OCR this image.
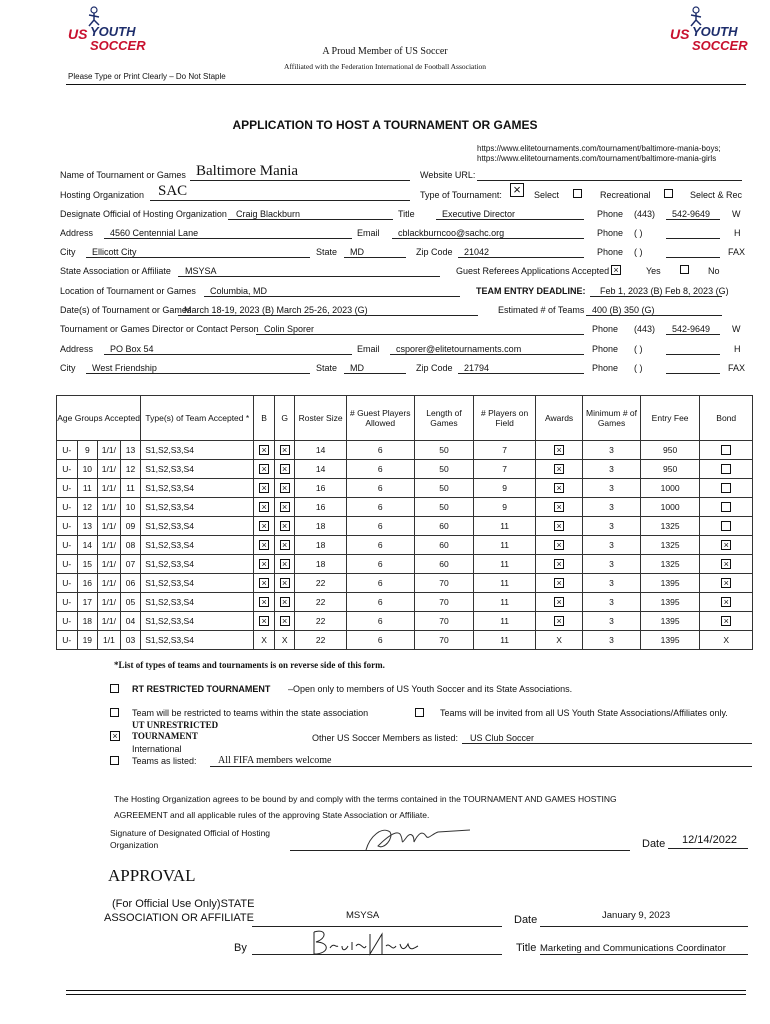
US YOUTH
SOCCER
US YOUTH
SOCCER
A Proud Member of US Soccer
Affiliated with the Federation International de Football Association
Please Type or Print Clearly – Do Not Staple
APPLICATION TO HOST A TOURNAMENT OR GAMES
Name of Tournament or Games Baltimore Mania	Website URL:
https://www.elitetournaments.com/tournament/baltimore-mania-boys; https://www.elitetournaments.com/tournament/baltimore-mania-girls
Hosting Organization SAC	Type of Tournament: ×	Select	Recreational	Select & Rec
Designate Official of Hosting Organization Craig Blackburn	Title	Executive Director	Phone (443) 542-9649 W
Address 4560 Centennial Lane	Email cblackburncoo@sachc.org	Phone ( )	H
City Ellicott City	State MD	Zip Code 21042	Phone ( )	FAX
State Association or Affiliate MSYSA	Guest Referees Applications Accepted ×	Yes	No
Location of Tournament or Games Columbia, MD	TEAM ENTRY DEADLINE: Feb 1, 2023 (B) Feb 8, 2023 (G)
Date(s) of Tournament or Games
March 18-19, 2023 (B) March 25-26, 2023 (G)	Estimated # of Teams 400 (B) 350 (G)
Tournament or Games Director or Contact Person Colin Sporer	Phone (443) 542-9649 W
Address PO Box 54	Email csporer@elitetournaments.com	Phone ( )	H
City West Friendship	State MD	Zip Code 21794	Phone ( )	FAX
Age Groups Accepted				Type(s) of Team Accepted *	B	G	Roster Size	# Guest Players Allowed	Length of Games	# Players on Field	Awards	Minimum # of Games	Entry Fee	Bond
U-	9	1/1/	13	S1,S2,S3,S4	×	×	14	6	50	7	×	3	950	
U-	10	1/1/	12	S1,S2,S3,S4	×	×	14	6	50	7	×	3	950	
U-	11	1/1/	11	S1,S2,S3,S4	×	×	16	6	50	9	×	3	1000	
U-	12	1/1/	10	S1,S2,S3,S4	×	×	16	6	50	9	×	3	1000	
U-	13	1/1/	09	S1,S2,S3,S4	×	×	18	6	60	11	×	3	1325	
U-	14	1/1/	08	S1,S2,S3,S4	×	×	18	6	60	11	×	3	1325	×
U-	15	1/1/	07	S1,S2,S3,S4	×	×	18	6	60	11	×	3	1325	×
U-	16	1/1/	06	S1,S2,S3,S4	×	×	22	6	70	11	×	3	1395	×
U-	17	1/1/	05	S1,S2,S3,S4	×	×	22	6	70	11	×	3	1395	×
U-	18	1/1/	04	S1,S2,S3,S4	×	×	22	6	70	11	×	3	1395	×
U-	19	1/1	03	S1,S2,S3,S4	X	X	22	6	70	11	X	3	1395	X
*List of types of teams and tournaments is on reverse side of this form.
RT RESTRICTED TOURNAMENT –Open only to members of US Youth Soccer and its State Associations.
Team will be restricted to teams within the state association	Teams will be invited from all US Youth State Associations/Affiliates only.
UT UNRESTRICTED
× TOURNAMENT	Other US Soccer Members as listed: US Club Soccer
International
Teams as listed: All FIFA members welcome
The Hosting Organization agrees to be bound by and comply with the terms contained in the TOURNAMENT AND GAMES HOSTING
AGREEMENT and all applicable rules of the approving State Association or Affiliate.
Signature of Designated Official of Hosting
Organization	Date 12/14/2022
APPROVAL
(For Official Use Only)STATE
ASSOCIATION OR AFFILIATE	MSYSA	Date	January 9, 2023
By	Title Marketing and Communications Coordinator
